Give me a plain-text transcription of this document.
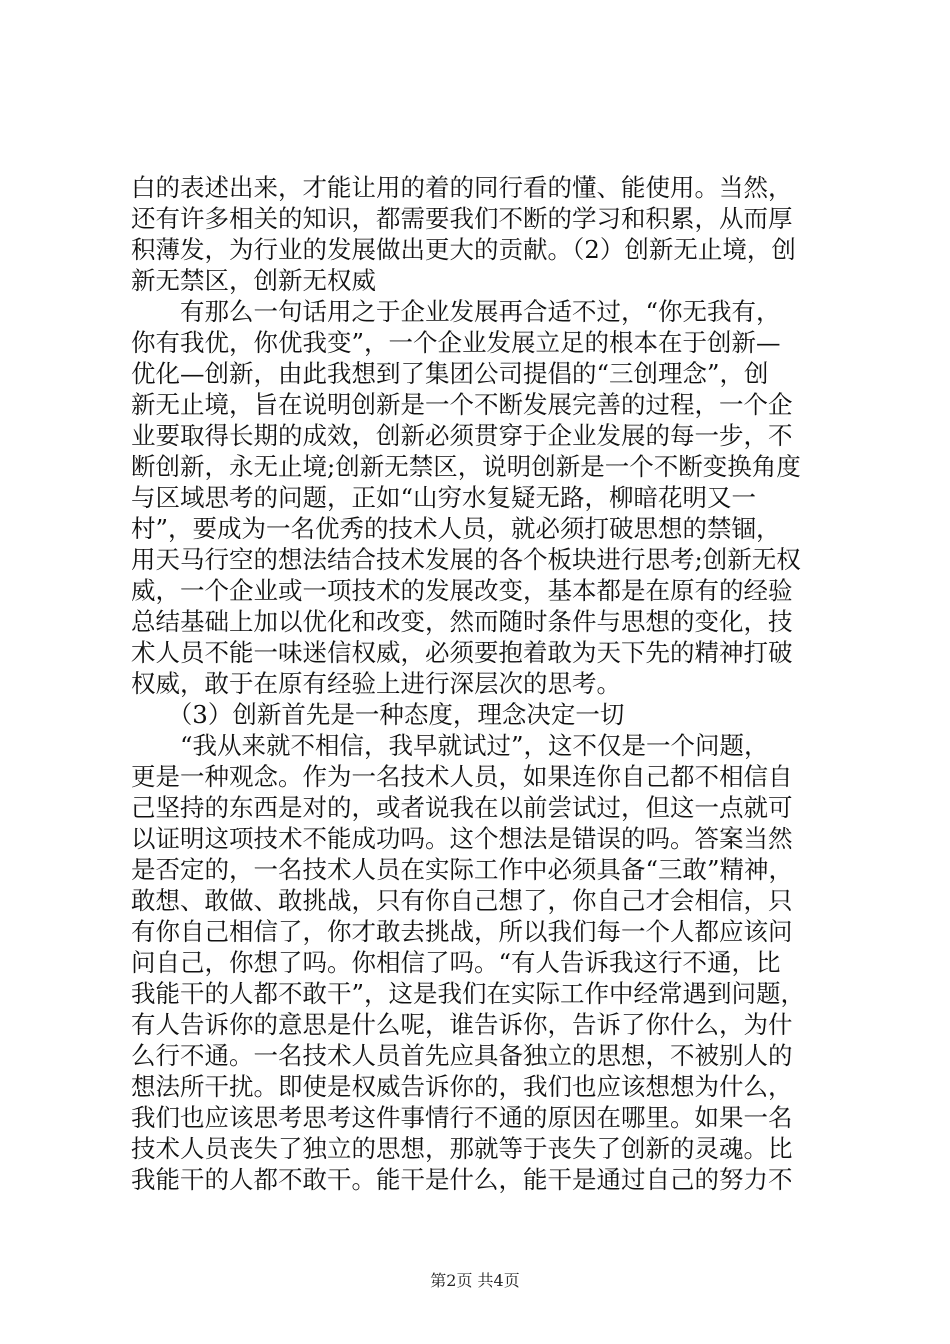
白的表述出来，才能让用的着的同行看的懂、能使用。当然，
还有许多相关的知识，都需要我们不断的学习和积累，从而厚
积薄发，为行业的发展做出更大的贡献。（2）创新无止境，创
新无禁区，创新无权威
　　有那么一句话用之于企业发展再合适不过，“你无我有，
你有我优，你优我变”，一个企业发展立足的根本在于创新—
优化—创新，由此我想到了集团公司提倡的“三创理念”，创
新无止境，旨在说明创新是一个不断发展完善的过程，一个企
业要取得长期的成效，创新必须贯穿于企业发展的每一步，不
断创新，永无止境;创新无禁区，说明创新是一个不断变换角度
与区域思考的问题，正如“山穷水复疑无路，柳暗花明又一
村”，要成为一名优秀的技术人员，就必须打破思想的禁锢，
用天马行空的想法结合技术发展的各个板块进行思考;创新无权
威，一个企业或一项技术的发展改变，基本都是在原有的经验
总结基础上加以优化和改变，然而随时条件与思想的变化，技
术人员不能一味迷信权威，必须要抱着敢为天下先的精神打破
权威，敢于在原有经验上进行深层次的思考。
　　（3）创新首先是一种态度，理念决定一切
　　“我从来就不相信，我早就试过”，这不仅是一个问题，
更是一种观念。作为一名技术人员，如果连你自己都不相信自
己坚持的东西是对的，或者说我在以前尝试过，但这一点就可
以证明这项技术不能成功吗。这个想法是错误的吗。答案当然
是否定的，一名技术人员在实际工作中必须具备“三敢”精神，
敢想、敢做、敢挑战，只有你自己想了，你自己才会相信，只
有你自己相信了，你才敢去挑战，所以我们每一个人都应该问
问自己，你想了吗。你相信了吗。“有人告诉我这行不通，比
我能干的人都不敢干”，这是我们在实际工作中经常遇到问题，
有人告诉你的意思是什么呢，谁告诉你，告诉了你什么，为什
么行不通。一名技术人员首先应具备独立的思想，不被别人的
想法所干扰。即使是权威告诉你的，我们也应该想想为什么，
我们也应该思考思考这件事情行不通的原因在哪里。如果一名
技术人员丧失了独立的思想，那就等于丧失了创新的灵魂。比
我能干的人都不敢干。能干是什么，能干是通过自己的努力不
第2页 共4页
